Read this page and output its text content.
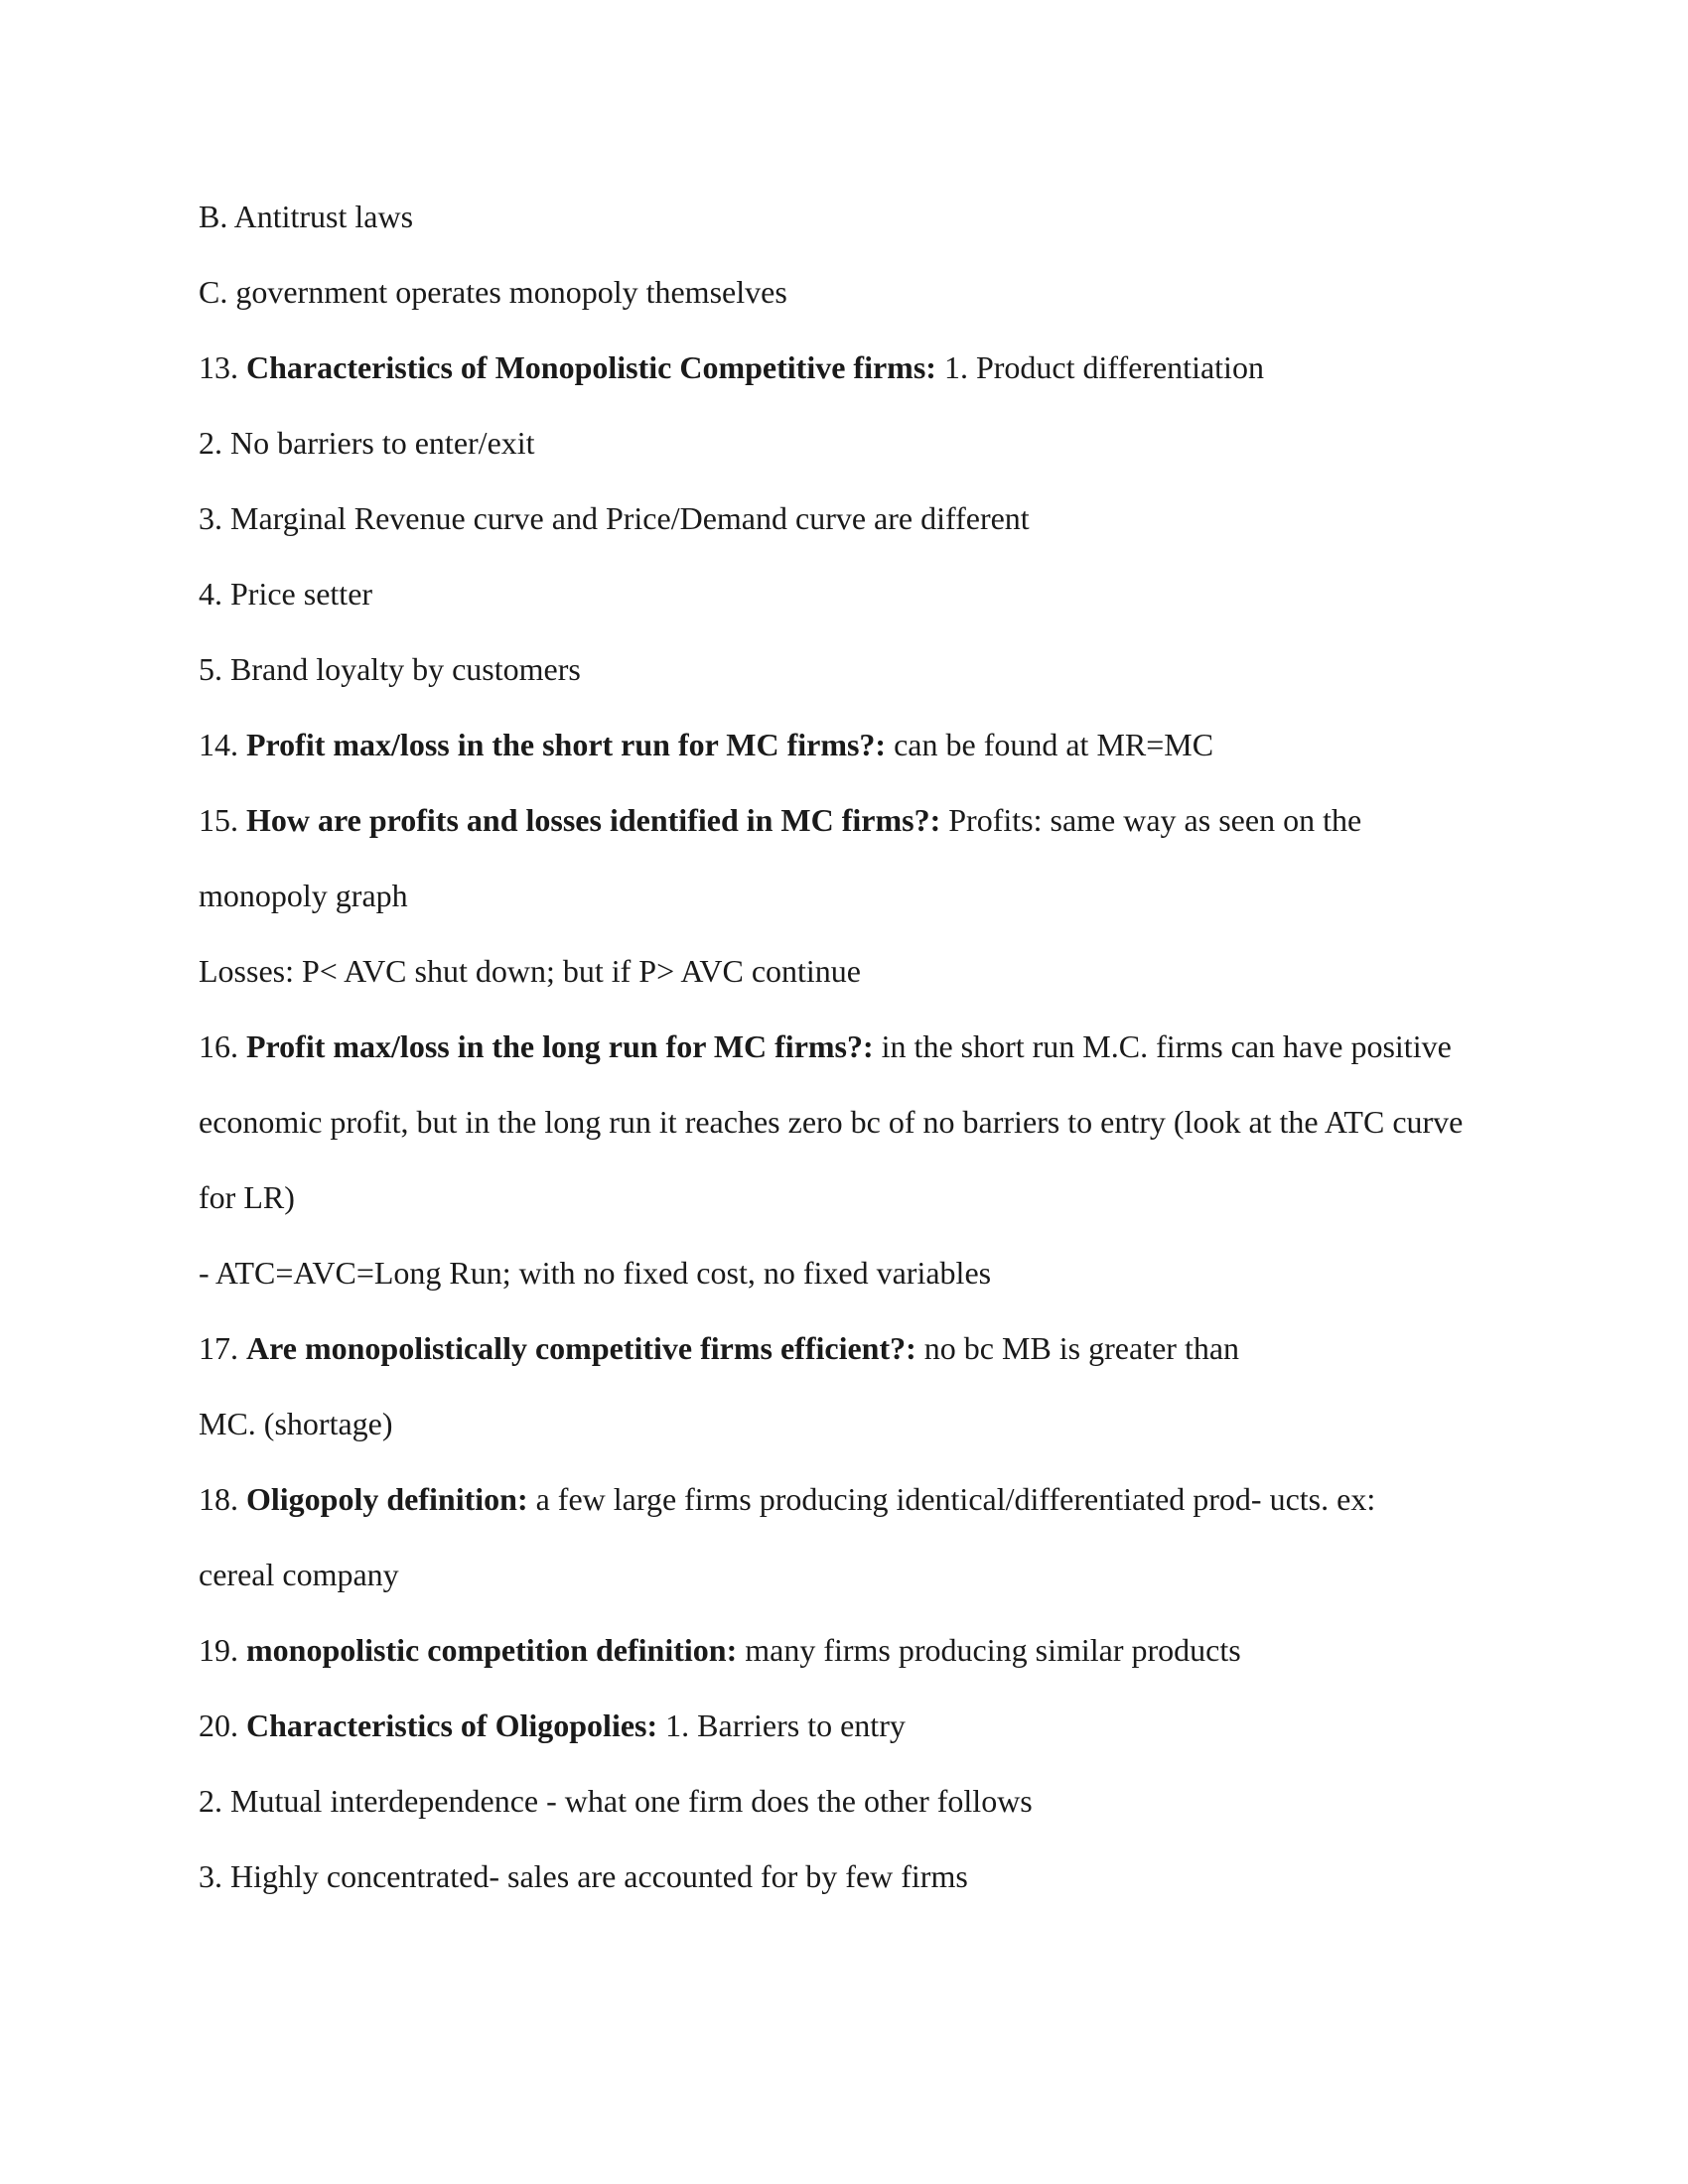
B. Antitrust laws
C. government operates monopoly themselves
13. Characteristics of Monopolistic Competitive firms: 1. Product differentiation
2. No barriers to enter/exit
3. Marginal Revenue curve and Price/Demand curve are different
4. Price setter
5. Brand loyalty by customers
14. Profit max/loss in the short run for MC firms?: can be found at MR=MC
15. How are profits and losses identified in MC firms?: Profits: same way as seen on the
monopoly graph
Losses: P< AVC shut down; but if P> AVC continue
16. Profit max/loss in the long run for MC firms?: in the short run M.C. firms can have positive
economic profit, but in the long run it reaches zero bc of no barriers to entry (look at the ATC curve
for LR)
- ATC=AVC=Long Run; with no fixed cost, no fixed variables
17. Are monopolistically competitive firms efficient?: no bc MB is greater than
MC. (shortage)
18. Oligopoly definition: a few large firms producing identical/differentiated prod- ucts. ex:
cereal company
19. monopolistic competition definition: many firms producing similar products
20. Characteristics of Oligopolies: 1. Barriers to entry
2. Mutual interdependence - what one firm does the other follows
3. Highly concentrated- sales are accounted for by few firms
